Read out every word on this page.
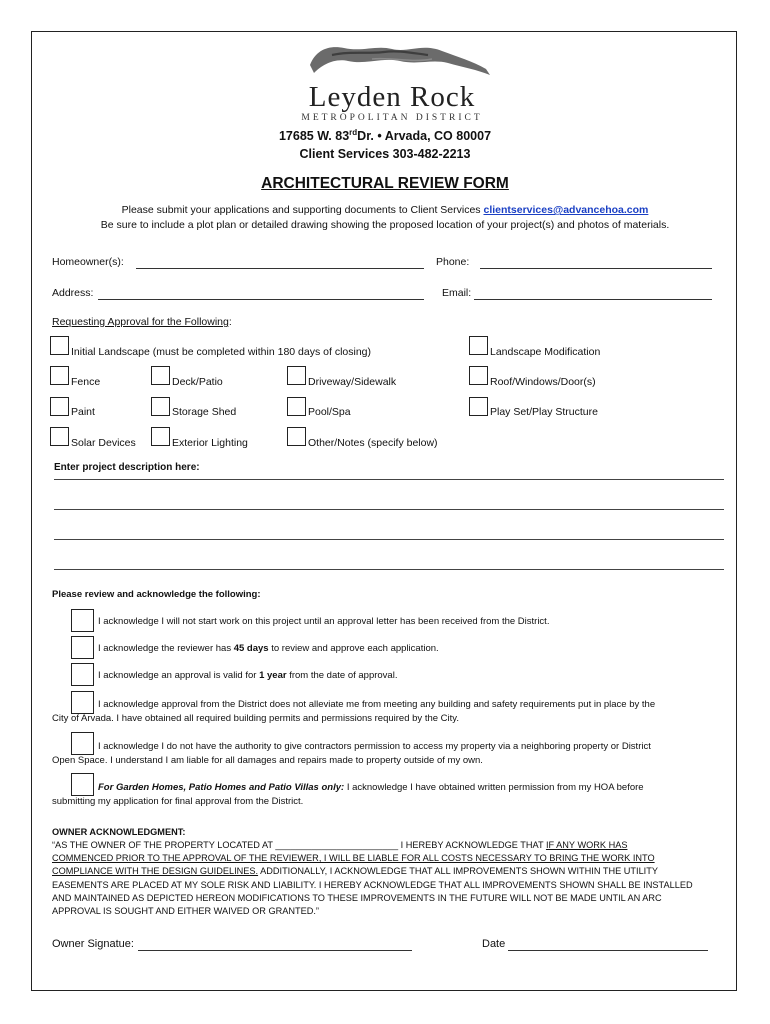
Leyden Rock
METROPOLITAN DISTRICT
17685 W. 83rdDr. • Arvada, CO 80007
Client Services 303-482-2213
ARCHITECTURAL REVIEW FORM
Please submit your applications and supporting documents to Client Services clientservices@advancehoa.com
Be sure to include a plot plan or detailed drawing showing the proposed location of your project(s) and photos of materials.
Homeowner(s):	Phone:
Address:	Email:
Requesting Approval for the Following:
Initial Landscape (must be completed within 180 days of closing)	Landscape Modification
Fence	Deck/Patio	Driveway/Sidewalk	Roof/Windows/Door(s)
Paint	Storage Shed	Pool/Spa	Play Set/Play Structure
Solar Devices	Exterior Lighting	Other/Notes (specify below)
Enter project description here:
Please review and acknowledge the following:
I acknowledge I will not start work on this project until an approval letter has been received from the District.
I acknowledge the reviewer has 45 days to review and approve each application.
I acknowledge an approval is valid for 1 year from the date of approval.
I acknowledge approval from the District does not alleviate me from meeting any building and safety requirements put in place by the
City of Arvada. I have obtained all required building permits and permissions required by the City.
I acknowledge I do not have the authority to give contractors permission to access my property via a neighboring property or District
Open Space. I understand I am liable for all damages and repairs made to property outside of my own.
For Garden Homes, Patio Homes and Patio Villas only: I acknowledge I have obtained written permission from my HOA before
submitting my application for final approval from the District.
OWNER ACKNOWLEDGMENT:
“AS THE OWNER OF THE PROPERTY LOCATED AT ________________________ I HEREBY ACKNOWLEDGE THAT IF ANY WORK HAS
COMMENCED PRIOR TO THE APPROVAL OF THE REVIEWER, I WILL BE LIABLE FOR ALL COSTS NECESSARY TO BRING THE WORK INTO
COMPLIANCE WITH THE DESIGN GUIDELINES. ADDITIONALLY, I ACKNOWLEDGE THAT ALL IMPROVEMENTS SHOWN WITHIN THE UTILITY
EASEMENTS ARE PLACED AT MY SOLE RISK AND LIABILITY. I HEREBY ACKNOWLEDGE THAT ALL IMPROVEMENTS SHOWN SHALL BE INSTALLED
AND MAINTAINED AS DEPICTED HEREON MODIFICATIONS TO THESE IMPROVEMENTS IN THE FUTURE WILL NOT BE MADE UNTIL AN ARC
APPROVAL IS SOUGHT AND EITHER WAIVED OR GRANTED.”
Owner Signatue:	Date
